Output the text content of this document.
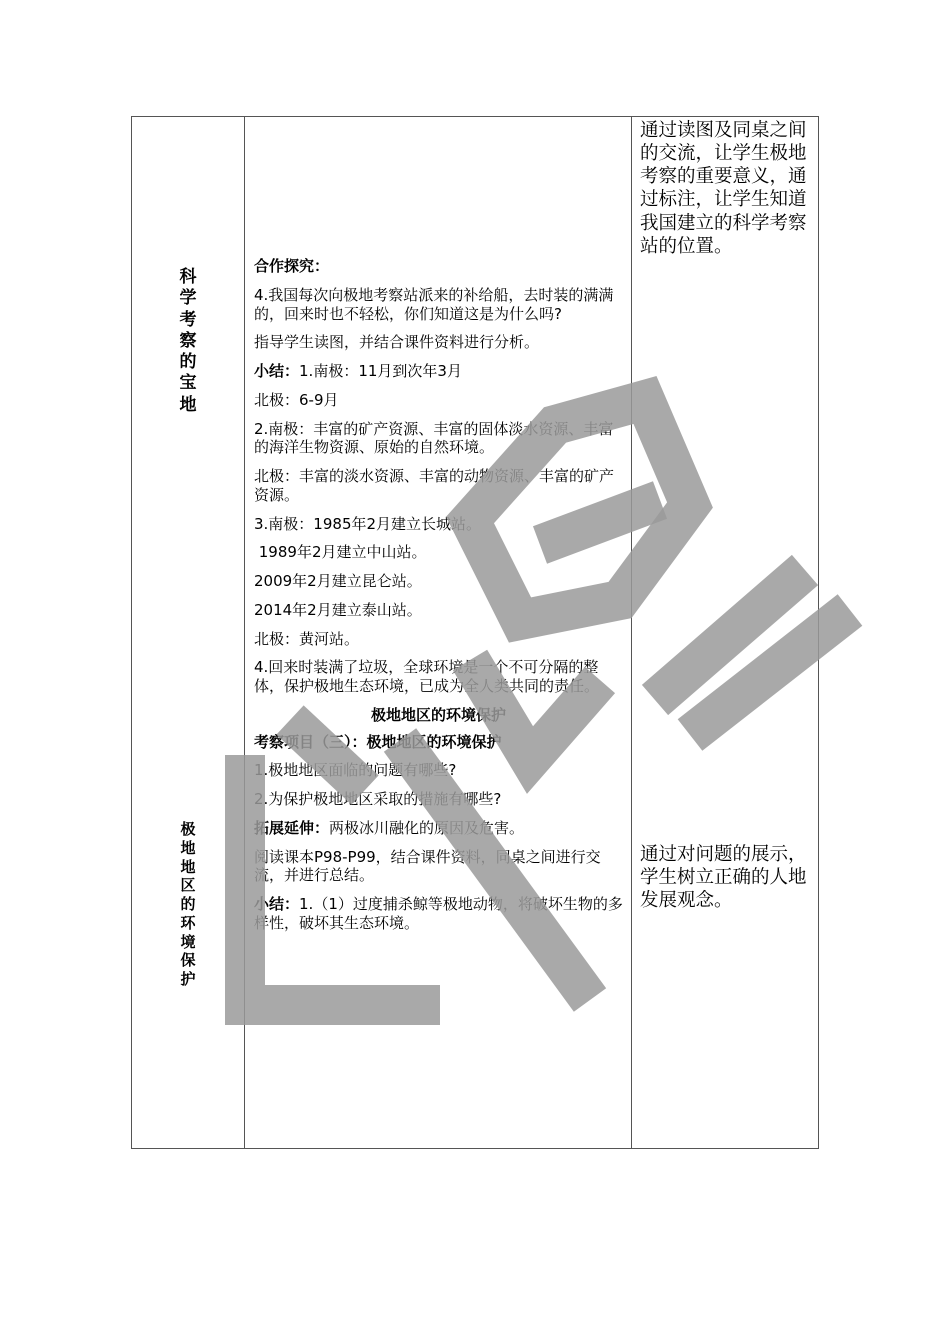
科
学
考
察
的
宝
地
极
地
地
区
的
环
境
保
护

合作探究：

4.我国每次向极地考察站派来的补给船，去时装的满满的，回来时也不轻松，你们知道这是为什么吗?

指导学生读图，并结合课件资料进行分析。

小结：1.南极：11月到次年3月

北极：6-9月

2.南极：丰富的矿产资源、丰富的固体淡水资源、丰富的海洋生物资源、原始的自然环境。

北极：丰富的淡水资源、丰富的动物资源、丰富的矿产资源。

3.南极：1985年2月建立长城站。

1989年2月建立中山站。

2009年2月建立昆仑站。

2014年2月建立泰山站。

北极：黄河站。

4.回来时装满了垃圾，全球环境是一个不可分隔的整体，保护极地生态环境，已成为全人类共同的责任。

极地地区的环境保护

考察项目（三）：极地地区的环境保护

1.极地地区面临的问题有哪些?

2.为保护极地地区采取的措施有哪些?

拓展延伸：两极冰川融化的原因及危害。

阅读课本P98-P99，结合课件资料，同桌之间进行交流，并进行总结。

小结：1.（1）过度捕杀鲸等极地动物，将破坏生物的多样性，破坏其生态环境。

通过读图及同桌之间的交流，让学生极地考察的重要意义，通过标注，让学生知道我国建立的科学考察站的位置。
通过对问题的展示，学生树立正确的人地发展观念。
